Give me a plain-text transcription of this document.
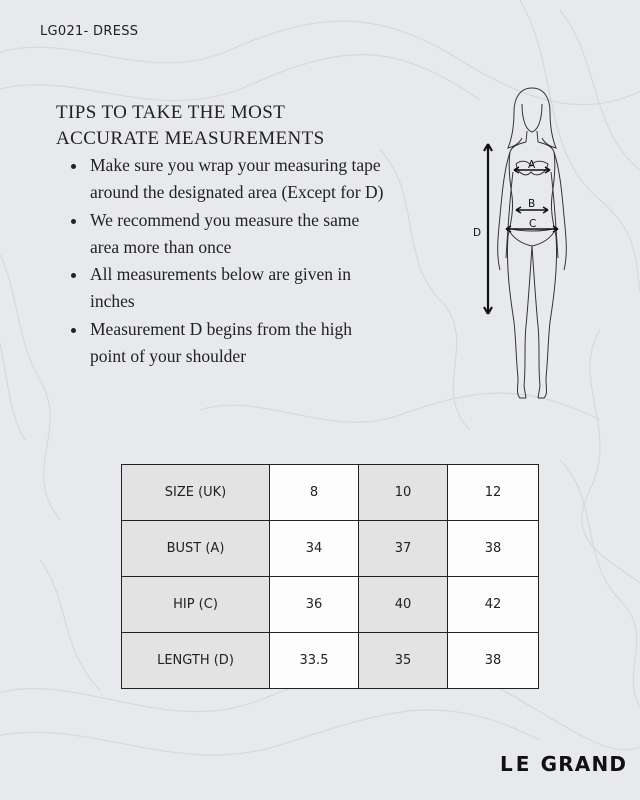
LG021- DRESS
TIPS TO TAKE THE MOST
ACCURATE MEASUREMENTS
• Make sure you wrap your measuring tape around the designated area (Except for D)
• We recommend you measure the same area more than once
• All measurements below are given in inches
• Measurement D begins from the high point of your shoulder
A
B
C
D
SIZE (UK)	8	10	12
BUST (A)	34	37	38
HIP (C)	36	40	42
LENGTH (D)	33.5	35	38
LE GRAND
